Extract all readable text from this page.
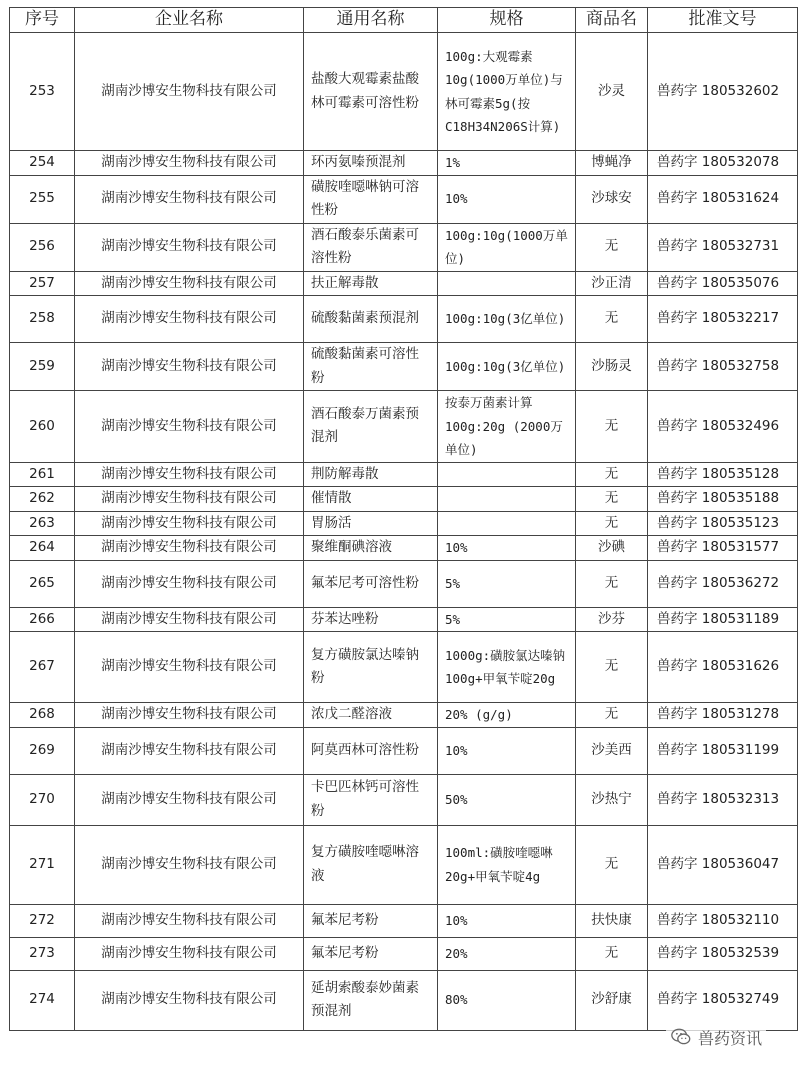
序号	企业名称	通用名称	规格	商品名	批准文号
253	湖南沙博安生物科技有限公司	盐酸大观霉素盐酸林可霉素可溶性粉	100g:大观霉素10g(1000万单位)与林可霉素5g(按C18H34N206S计算)	沙灵	兽药字 180532602
254	湖南沙博安生物科技有限公司	环丙氨嗪预混剂	1%	博蝇净	兽药字 180532078
255	湖南沙博安生物科技有限公司	磺胺喹噁啉钠可溶性粉	10%	沙球安	兽药字 180531624
256	湖南沙博安生物科技有限公司	酒石酸泰乐菌素可溶性粉	100g:10g(1000万单位)	无	兽药字 180532731
257	湖南沙博安生物科技有限公司	扶正解毒散		沙正清	兽药字 180535076
258	湖南沙博安生物科技有限公司	硫酸黏菌素预混剂	100g:10g(3亿单位)	无	兽药字 180532217
259	湖南沙博安生物科技有限公司	硫酸黏菌素可溶性粉	100g:10g(3亿单位)	沙肠灵	兽药字 180532758
260	湖南沙博安生物科技有限公司	酒石酸泰万菌素预混剂	按泰万菌素计算100g:20g (2000万单位)	无	兽药字 180532496
261	湖南沙博安生物科技有限公司	荆防解毒散		无	兽药字 180535128
262	湖南沙博安生物科技有限公司	催情散		无	兽药字 180535188
263	湖南沙博安生物科技有限公司	胃肠活		无	兽药字 180535123
264	湖南沙博安生物科技有限公司	聚维酮碘溶液	10%	沙碘	兽药字 180531577
265	湖南沙博安生物科技有限公司	氟苯尼考可溶性粉	5%	无	兽药字 180536272
266	湖南沙博安生物科技有限公司	芬苯达唑粉	5%	沙芬	兽药字 180531189
267	湖南沙博安生物科技有限公司	复方磺胺氯达嗪钠粉	1000g:磺胺氯达嗪钠100g+甲氧苄啶20g	无	兽药字 180531626
268	湖南沙博安生物科技有限公司	浓戊二醛溶液	20% (g/g)	无	兽药字 180531278
269	湖南沙博安生物科技有限公司	阿莫西林可溶性粉	10%	沙美西	兽药字 180531199
270	湖南沙博安生物科技有限公司	卡巴匹林钙可溶性粉	50%	沙热宁	兽药字 180532313
271	湖南沙博安生物科技有限公司	复方磺胺喹噁啉溶液	100ml:磺胺喹噁啉20g+甲氧苄啶4g	无	兽药字 180536047
272	湖南沙博安生物科技有限公司	氟苯尼考粉	10%	扶快康	兽药字 180532110
273	湖南沙博安生物科技有限公司	氟苯尼考粉	20%	无	兽药字 180532539
274	湖南沙博安生物科技有限公司	延胡索酸泰妙菌素预混剂	80%	沙舒康	兽药字 180532749
兽药资讯
